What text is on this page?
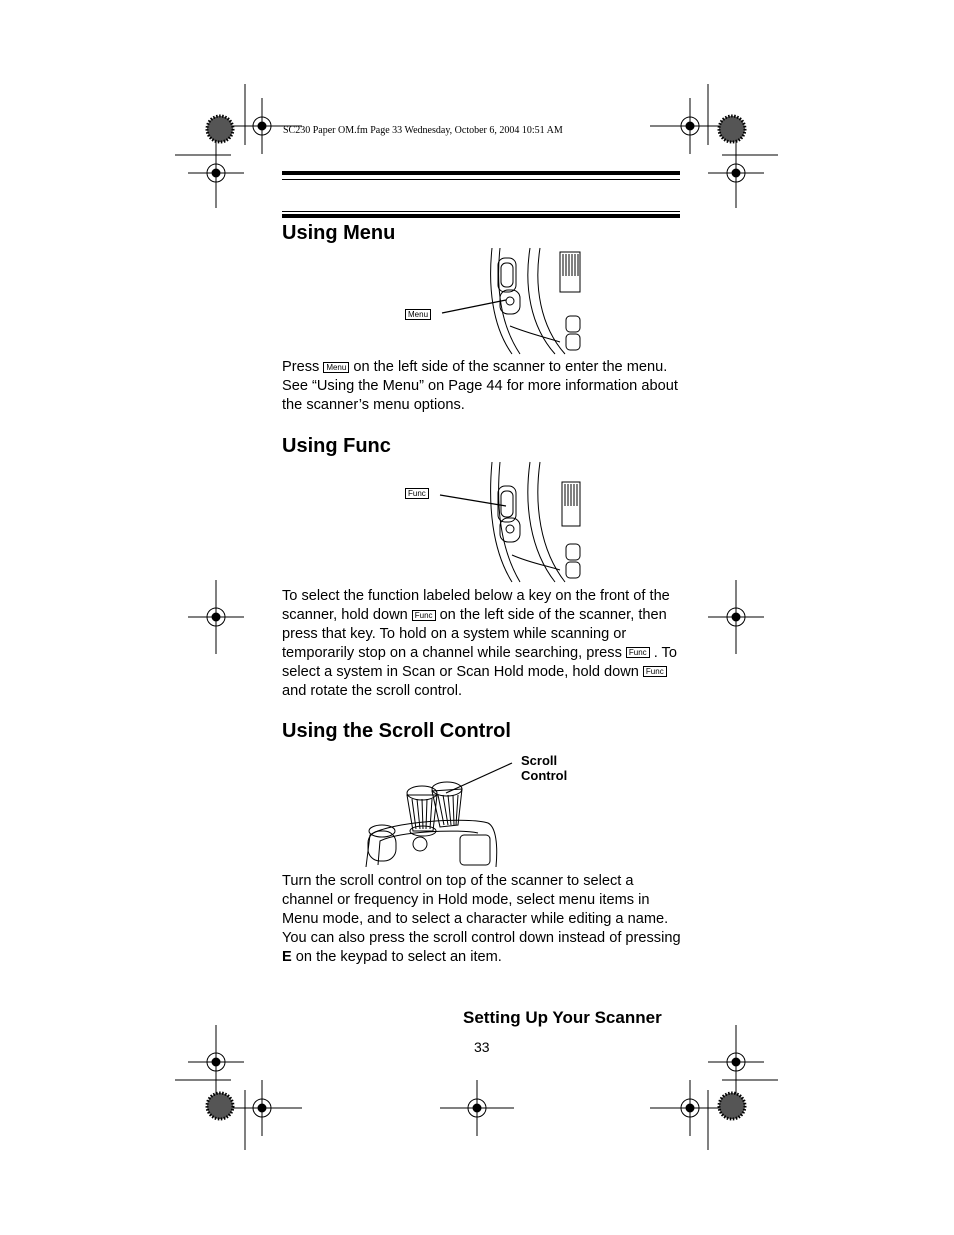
SC230 Paper OM.fm Page 33 Wednesday, October 6, 2004 10:51 AM
Using Menu
Menu
Press Menu on the left side of the scanner to enter the menu. See “Using the Menu” on Page 44 for more information about the scanner’s menu options.
Using Func
Func
To select the function labeled below a key on the front of the scanner, hold down Func on the left side of the scanner, then press that key. To hold on a system while scanning or temporarily stop on a channel while searching, press Func . To select a system in Scan or Scan Hold mode, hold down Funcand rotate the scroll control.
Using the Scroll Control
Scroll
Control
Turn the scroll control on top of the scanner to select a channel or frequency in Hold mode, select menu items in Menu mode, and to select a character while editing a name. You can also press the scroll control down instead of pressing E on the keypad to select an item.
Setting Up Your Scanner
33
